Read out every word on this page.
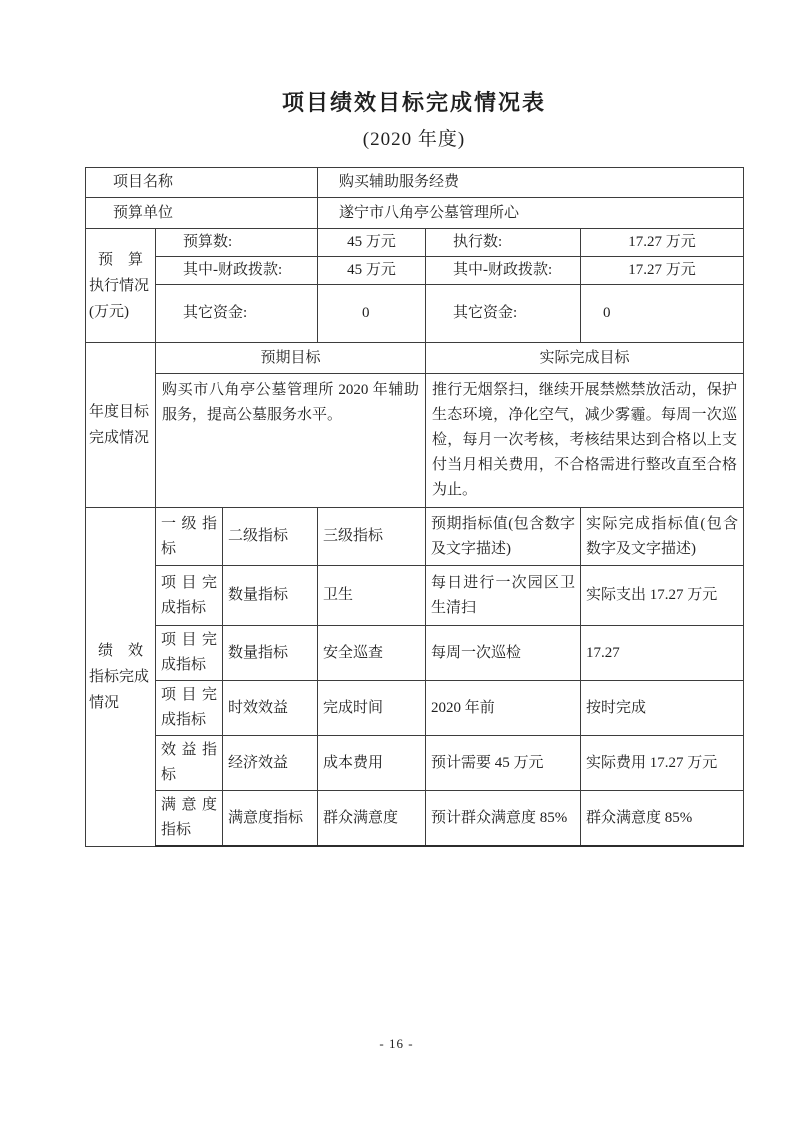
项目绩效目标完成情况表
(2020 年度)
项目名称			购买辅助服务经费		
预算单位			遂宁市八角亭公墓管理所心		

预　算
执行情况
(万元)	预算数:		45 万元	执行数:	17.27 万元
	其中-财政拨款:		45 万元	其中-财政拨款:	17.27 万元
	其它资金:		0	其它资金:	0

年度目标
完成情况	预期目标			实际完成目标	
	购买市八角亭公墓管理所 2020 年辅助服务，提高公墓服务水平。			推行无烟祭扫，继续开展禁燃禁放活动，保护生态环境，净化空气，减少雾霾。每周一次巡检，每月一次考核，考核结果达到合格以上支付当月相关费用，不合格需进行整改直至合格为止。	

绩　效
指标完成
情况	一级指标	二级指标	三级指标	预期指标值(包含数字及文字描述)	实际完成指标值(包含数字及文字描述)
	项目完成指标	数量指标	卫生	每日进行一次园区卫生清扫	实际支出 17.27 万元
	项目完成指标	数量指标	安全巡查	每周一次巡检	17.27
	项目完成指标	时效效益	完成时间	2020 年前	按时完成
	效益指标	经济效益	成本费用	预计需要 45 万元	实际费用 17.27 万元
	满意度指标	满意度指标	群众满意度	预计群众满意度 85%	群众满意度 85%
- 16 -
